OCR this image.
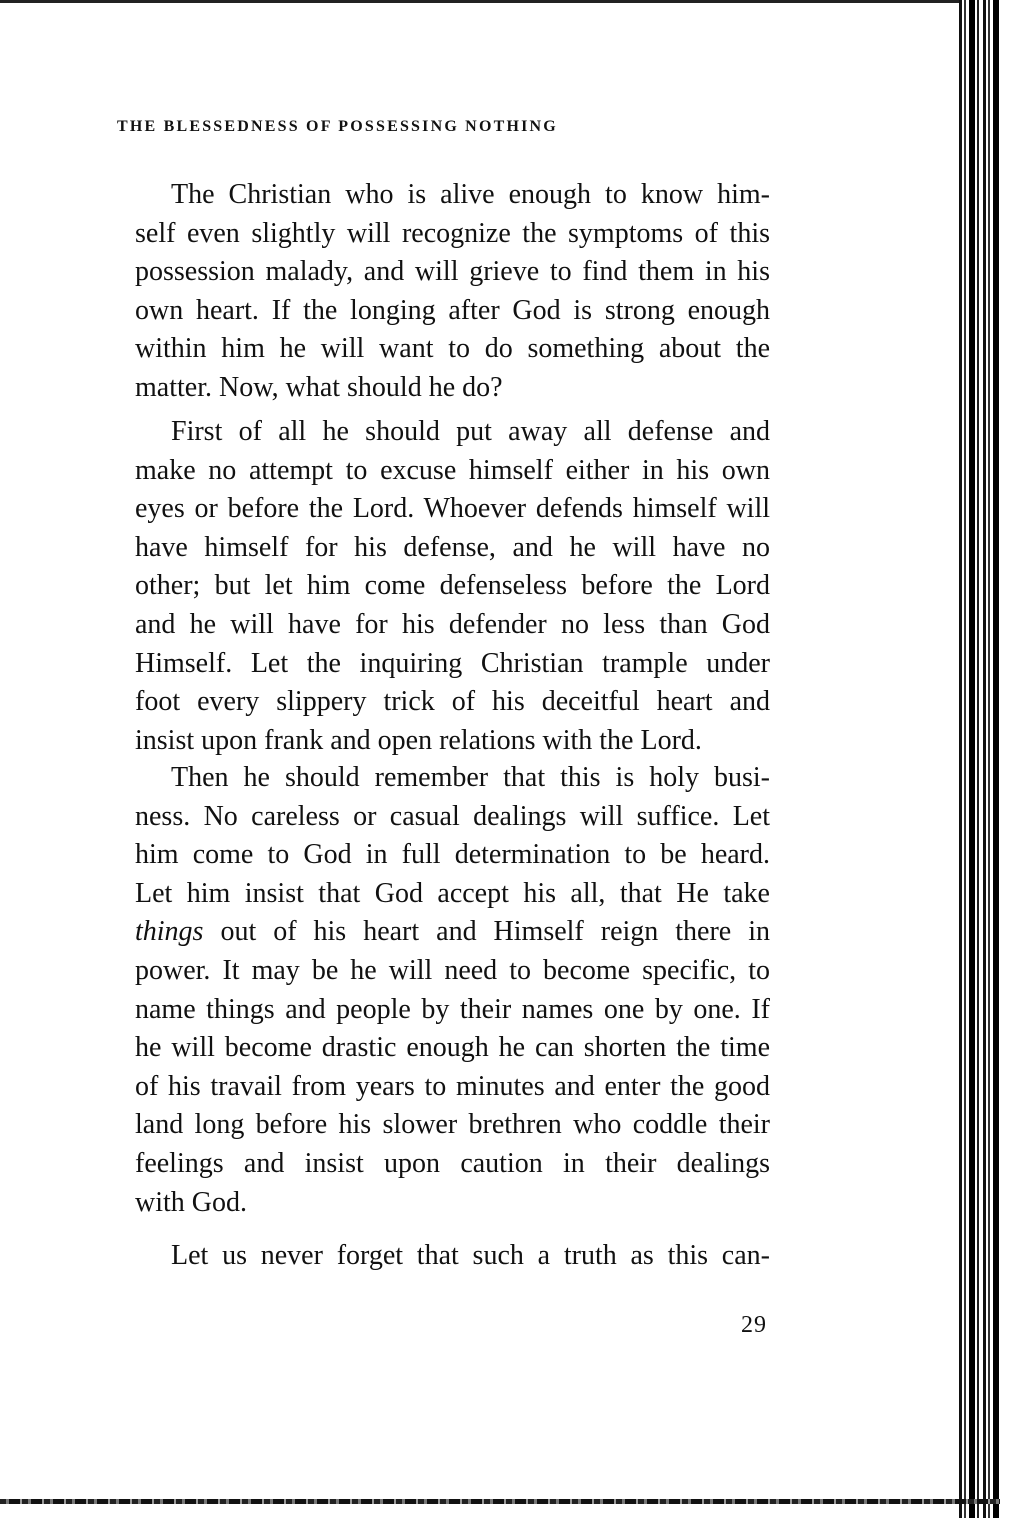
THE BLESSEDNESS OF POSSESSING NOTHING
The Christian who is alive enough to know him-
self even slightly will recognize the symptoms of this
possession malady, and will grieve to find them in his
own heart. If the longing after God is strong enough
within him he will want to do something about the
matter. Now, what should he do?
First of all he should put away all defense and
make no attempt to excuse himself either in his own
eyes or before the Lord. Whoever defends himself will
have himself for his defense, and he will have no
other; but let him come defenseless before the Lord
and he will have for his defender no less than God
Himself. Let the inquiring Christian trample under
foot every slippery trick of his deceitful heart and
insist upon frank and open relations with the Lord.
Then he should remember that this is holy busi-
ness. No careless or casual dealings will suffice. Let
him come to God in full determination to be heard.
Let him insist that God accept his all, that He take
things out of his heart and Himself reign there in
power. It may be he will need to become specific, to
name things and people by their names one by one. If
he will become drastic enough he can shorten the time
of his travail from years to minutes and enter the good
land long before his slower brethren who coddle their
feelings and insist upon caution in their dealings
with God.
Let us never forget that such a truth as this can-
29
